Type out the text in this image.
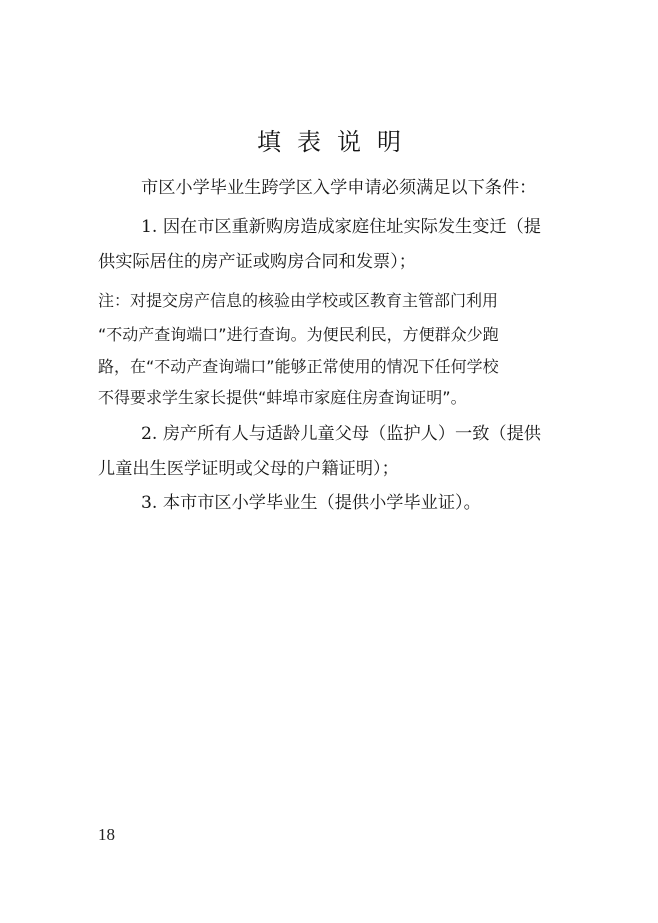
填表说明
市区小学毕业生跨学区入学申请必须满足以下条件：
1. 因在市区重新购房造成家庭住址实际发生变迁（提
供实际居住的房产证或购房合同和发票）；
注：对提交房产信息的核验由学校或区教育主管部门利用
“不动产查询端口”进行查询。为便民利民，方便群众少跑
路，在“不动产查询端口”能够正常使用的情况下任何学校
不得要求学生家长提供“蚌埠市家庭住房查询证明”。
2. 房产所有人与适龄儿童父母（监护人）一致（提供
儿童出生医学证明或父母的户籍证明）；
3. 本市市区小学毕业生（提供小学毕业证）。
18
